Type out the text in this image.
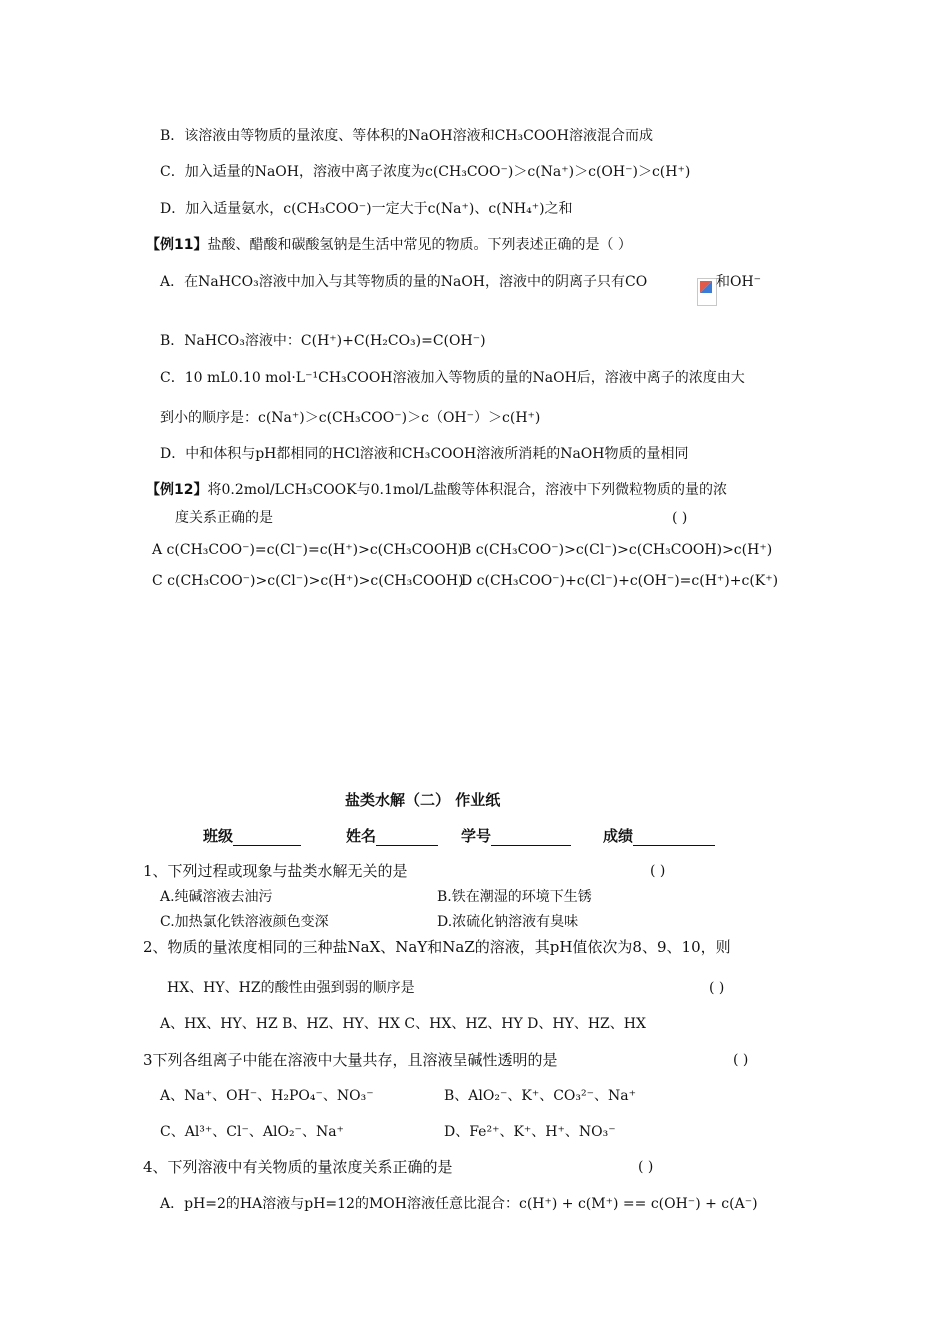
B．该溶液由等物质的量浓度、等体积的NaOH溶液和CH₃COOH溶液混合而成
C．加入适量的NaOH，溶液中离子浓度为c(CH₃COO⁻)＞c(Na⁺)＞c(OH⁻)＞c(H⁺)
D．加入适量氨水，c(CH₃COO⁻)一定大于c(Na⁺)、c(NH₄⁺)之和
【例11】盐酸、醋酸和碳酸氢钠是生活中常见的物质。下列表述正确的是（ ）
A．在NaHCO₃溶液中加入与其等物质的量的NaOH，溶液中的阴离子只有CO	和OH⁻
B．NaHCO₃溶液中：C(H⁺)+C(H₂CO₃)=C(OH⁻)
C．10 mL0.10 mol·L⁻¹CH₃COOH溶液加入等物质的量的NaOH后，溶液中离子的浓度由大
到小的顺序是：c(Na⁺)＞c(CH₃COO⁻)＞c（OH⁻）＞c(H⁺)
D．中和体积与pH都相同的HCl溶液和CH₃COOH溶液所消耗的NaOH物质的量相同
【例12】将0.2mol/LCH₃COOK与0.1mol/L盐酸等体积混合，溶液中下列微粒物质的量的浓
度关系正确的是	( )
A c(CH₃COO⁻)=c(Cl⁻)=c(H⁺)>c(CH₃COOH)
B c(CH₃COO⁻)>c(Cl⁻)>c(CH₃COOH)>c(H⁺)
C c(CH₃COO⁻)>c(Cl⁻)>c(H⁺)>c(CH₃COOH)
D c(CH₃COO⁻)+c(Cl⁻)+c(OH⁻)=c(H⁺)+c(K⁺)
盐类水解（二） 作业纸
班级	姓名	学号	成绩
1、下列过程或现象与盐类水解无关的是	( )
A.纯碱溶液去油污	B.铁在潮湿的环境下生锈
C.加热氯化铁溶液颜色变深	D.浓硫化钠溶液有臭味
2、物质的量浓度相同的三种盐NaX、NaY和NaZ的溶液，其pH值依次为8、9、10，则
HX、HY、HZ的酸性由强到弱的顺序是	( )
A、HX、HY、HZ B、HZ、HY、HX C、HX、HZ、HY D、HY、HZ、HX
3下列各组离子中能在溶液中大量共存，且溶液呈碱性透明的是	( )
A、Na⁺、OH⁻、H₂PO₄⁻、NO₃⁻	B、AlO₂⁻、K⁺、CO₃²⁻、Na⁺
C、Al³⁺、Cl⁻、AlO₂⁻、Na⁺	D、Fe²⁺、K⁺、H⁺、NO₃⁻
4、下列溶液中有关物质的量浓度关系正确的是	( )
A．pH=2的HA溶液与pH=12的MOH溶液任意比混合：c(H⁺) + c(M⁺) == c(OH⁻) + c(A⁻)
